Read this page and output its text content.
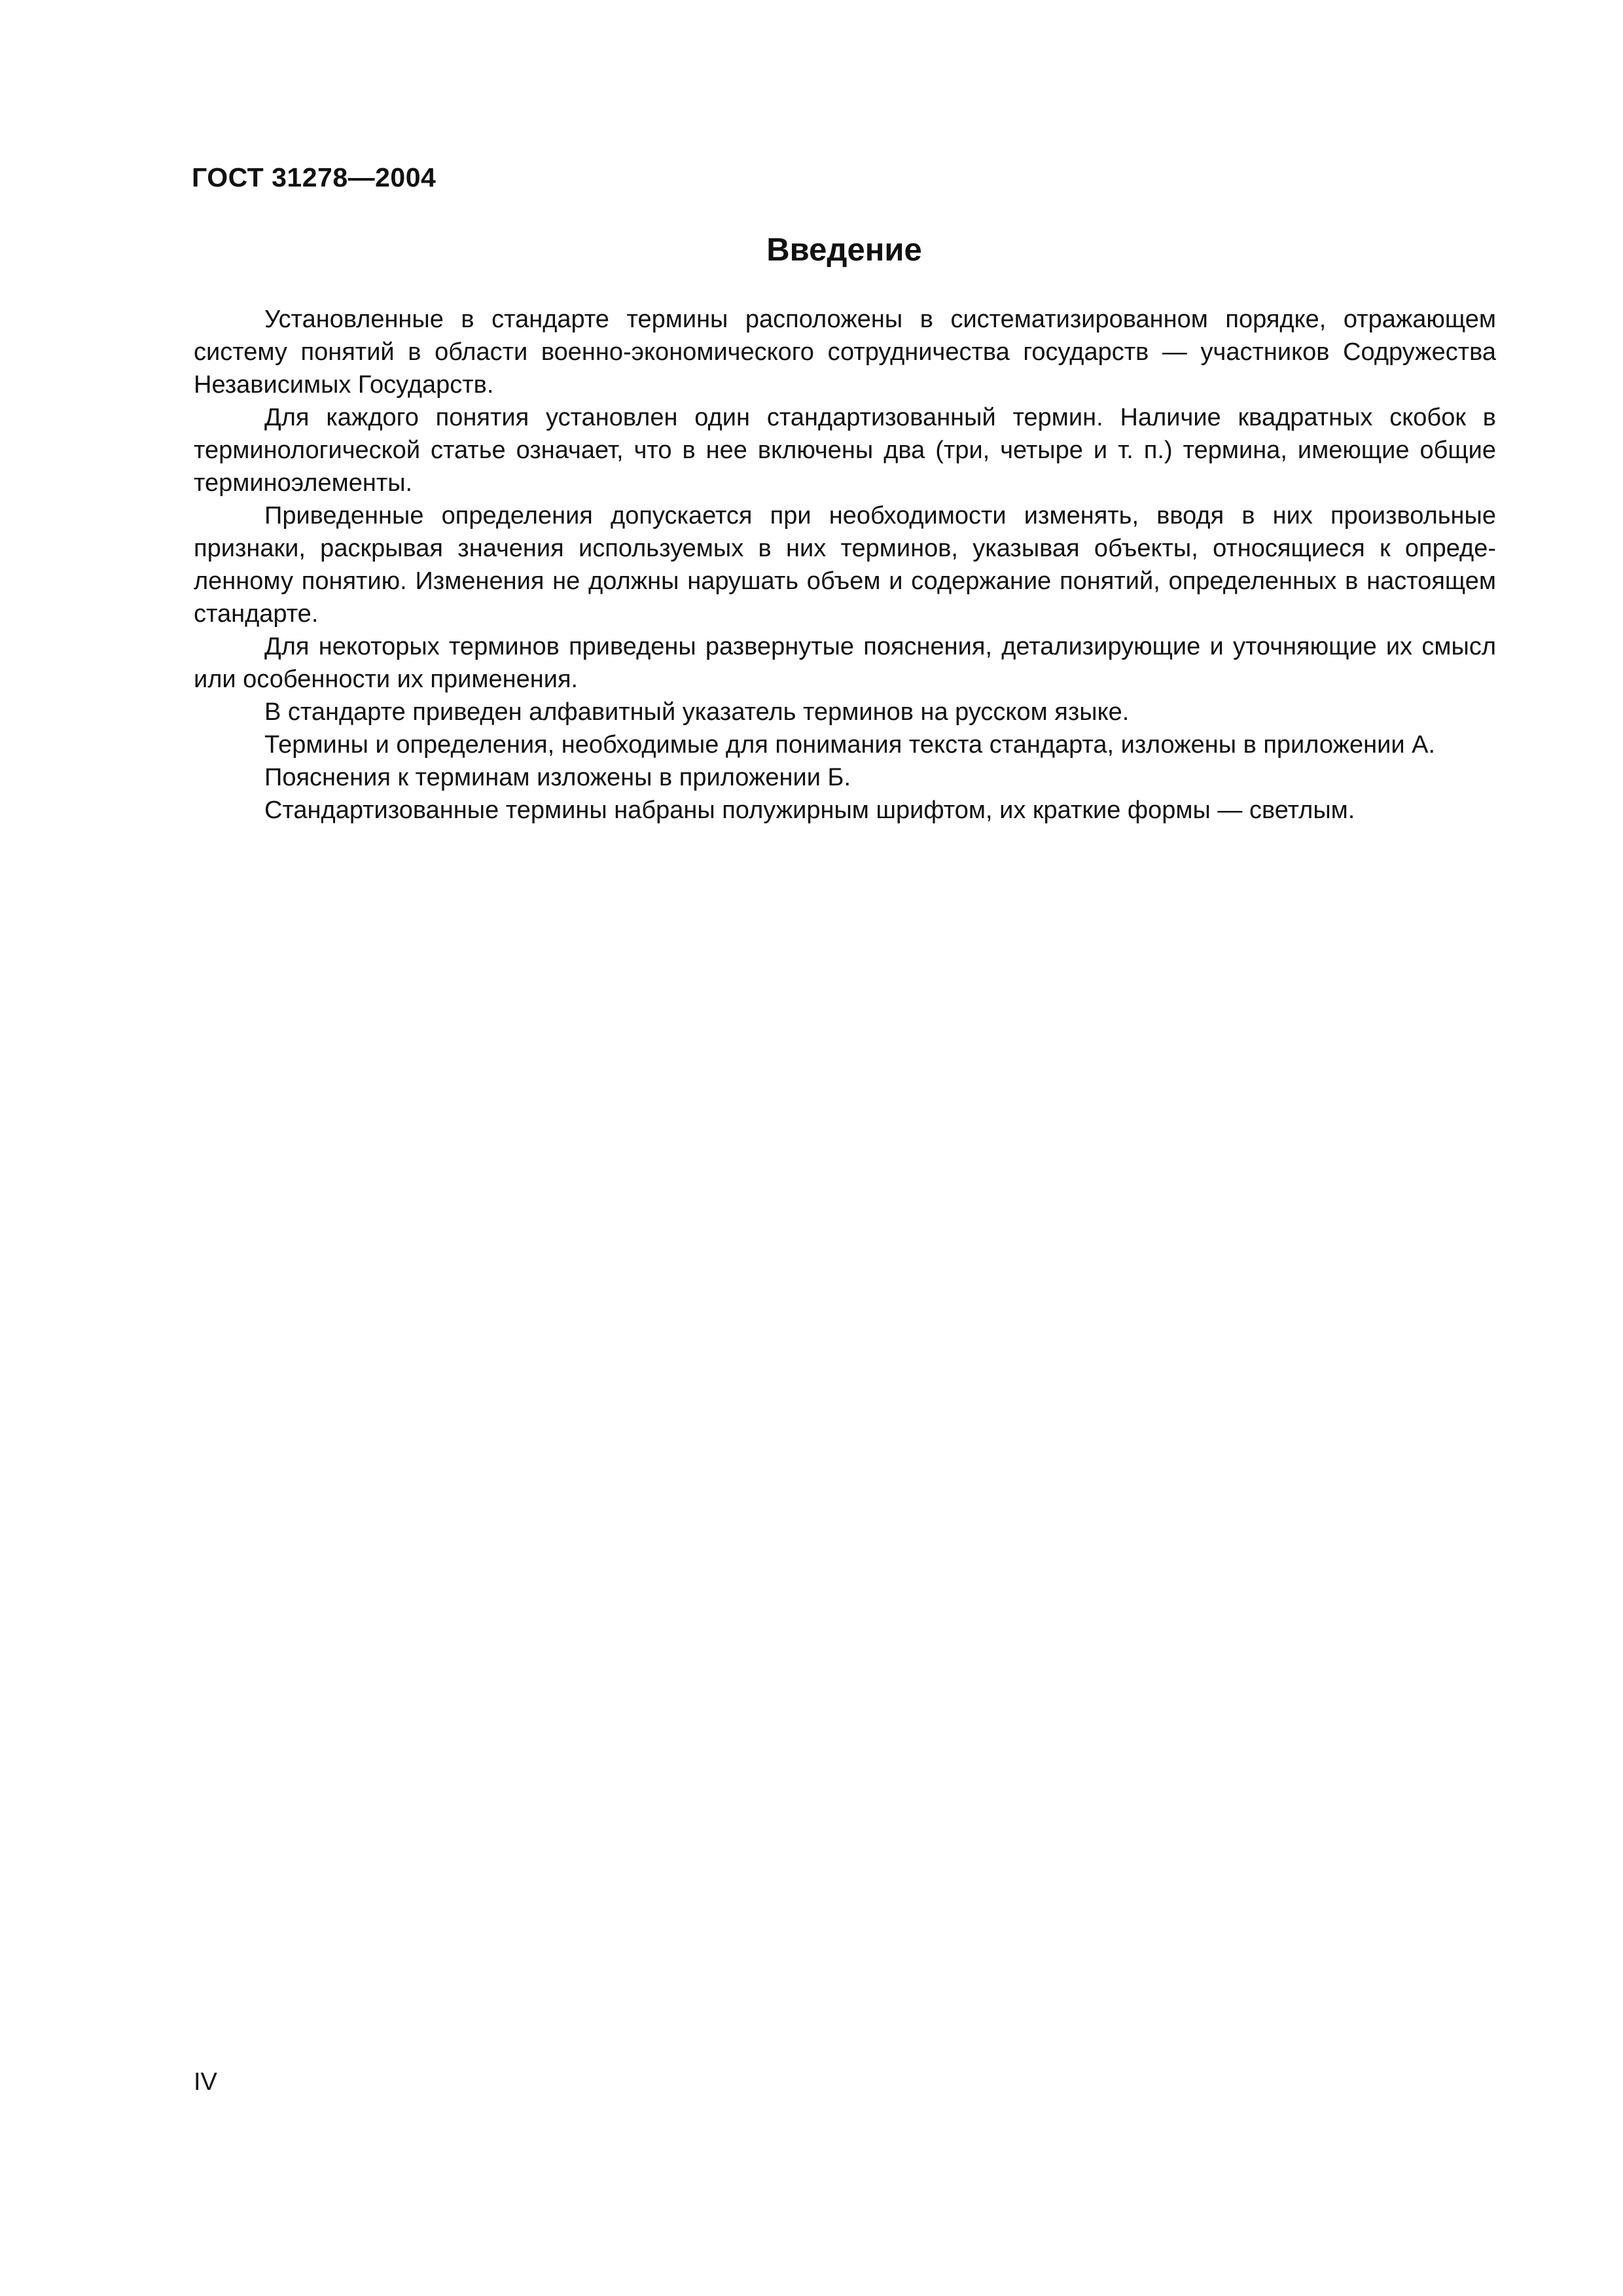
ГОСТ 31278—2004
Введение

Установленные в стандарте термины расположены в систематизированном порядке, отражающем систему понятий в области военно-экономического сотрудничества государств — участников Содружества Независимых Государств.

Для каждого понятия установлен один стандартизованный термин. Наличие квадратных скобок в терминологической статье означает, что в нее включены два (три, четыре и т. п.) термина, имеющие общие терминоэлементы.

Приведенные определения допускается при необходимости изменять, вводя в них произвольные признаки, раскрывая значения используемых в них терминов, указывая объекты, относящиеся к определенному понятию. Изменения не должны нарушать объем и содержание понятий, определенных в настоящем стандарте.

Для некоторых терминов приведены развернутые пояснения, детализирующие и уточняющие их смысл или особенности их применения.

В стандарте приведен алфавитный указатель терминов на русском языке.

Термины и определения, необходимые для понимания текста стандарта, изложены в приложении А.

Пояснения к терминам изложены в приложении Б.

Стандартизованные термины набраны полужирным шрифтом, их краткие формы — светлым.

IV
